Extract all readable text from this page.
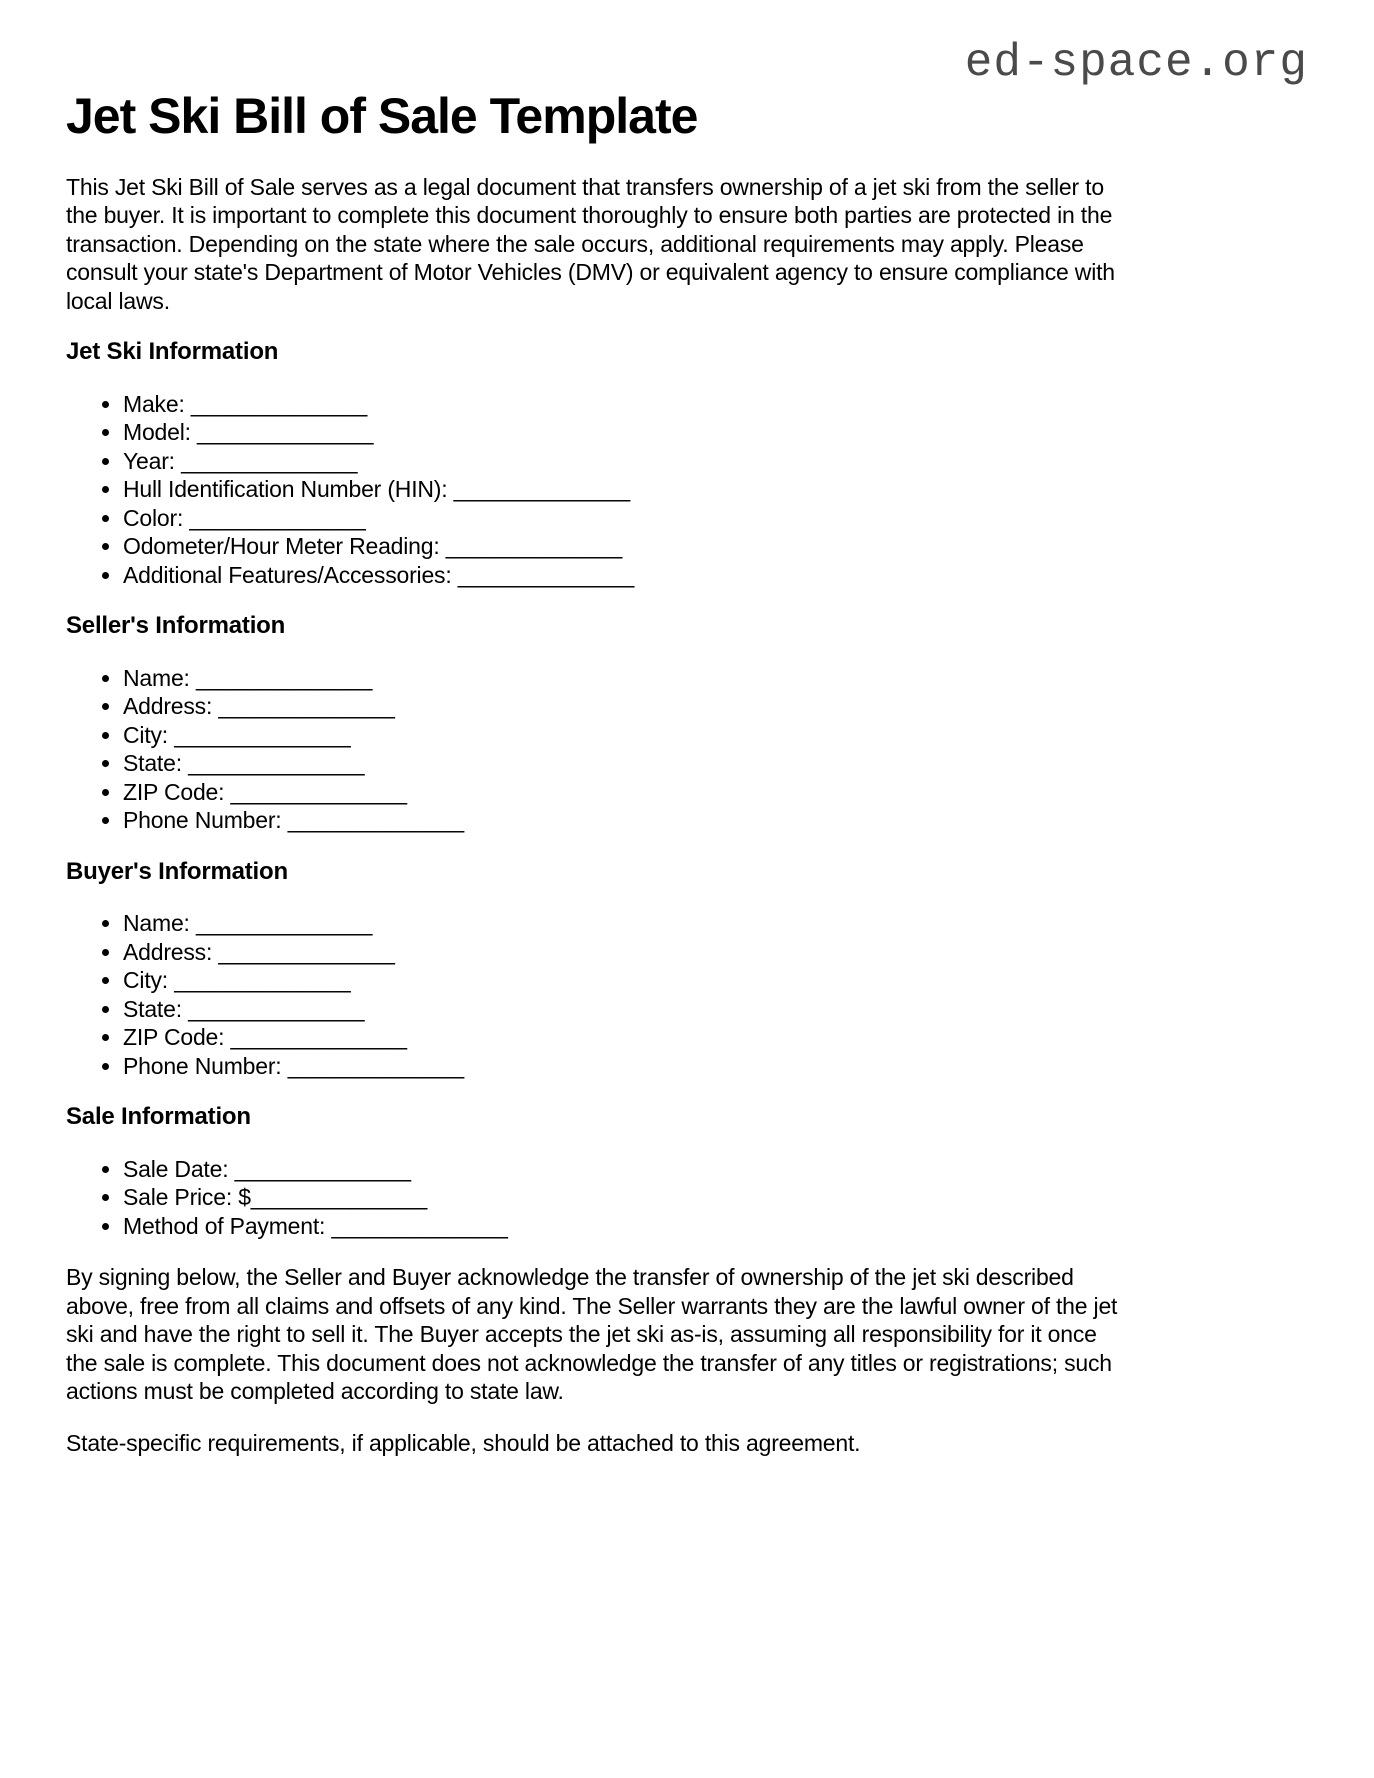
ed-space.org
Jet Ski Bill of Sale Template

This Jet Ski Bill of Sale serves as a legal document that transfers ownership of a jet ski from the seller to the buyer. It is important to complete this document thoroughly to ensure both parties are protected in the transaction. Depending on the state where the sale occurs, additional requirements may apply. Please consult your state's Department of Motor Vehicles (DMV) or equivalent agency to ensure compliance with local laws.

Jet Ski Information
• Make: ______________
• Model: ______________
• Year: ______________
• Hull Identification Number (HIN): ______________
• Color: ______________
• Odometer/Hour Meter Reading: ______________
• Additional Features/Accessories: ______________
Seller's Information
• Name: ______________
• Address: ______________
• City: ______________
• State: ______________
• ZIP Code: ______________
• Phone Number: ______________
Buyer's Information
• Name: ______________
• Address: ______________
• City: ______________
• State: ______________
• ZIP Code: ______________
• Phone Number: ______________
Sale Information
• Sale Date: ______________
• Sale Price: $______________
• Method of Payment: ______________

By signing below, the Seller and Buyer acknowledge the transfer of ownership of the jet ski described above, free from all claims and offsets of any kind. The Seller warrants they are the lawful owner of the jet ski and have the right to sell it. The Buyer accepts the jet ski as-is, assuming all responsibility for it once the sale is complete. This document does not acknowledge the transfer of any titles or registrations; such actions must be completed according to state law.

State-specific requirements, if applicable, should be attached to this agreement.
